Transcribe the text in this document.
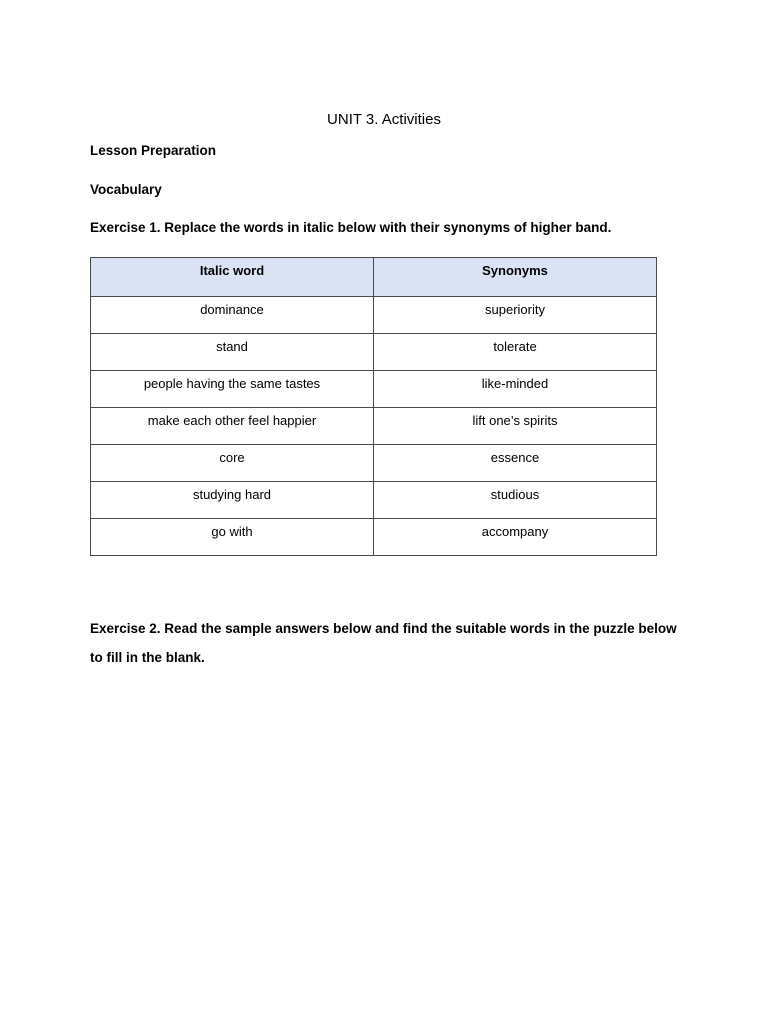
UNIT 3. Activities
Lesson Preparation
Vocabulary
Exercise 1. Replace the words in italic below with their synonyms of higher band.
Italic word	Synonyms
dominance	superiority
stand	tolerate
people having the same tastes	like-minded
make each other feel happier	lift one’s spirits
core	essence
studying hard	studious
go with	accompany
Exercise 2. Read the sample answers below and find the suitable words in the puzzle below to fill in the blank.
